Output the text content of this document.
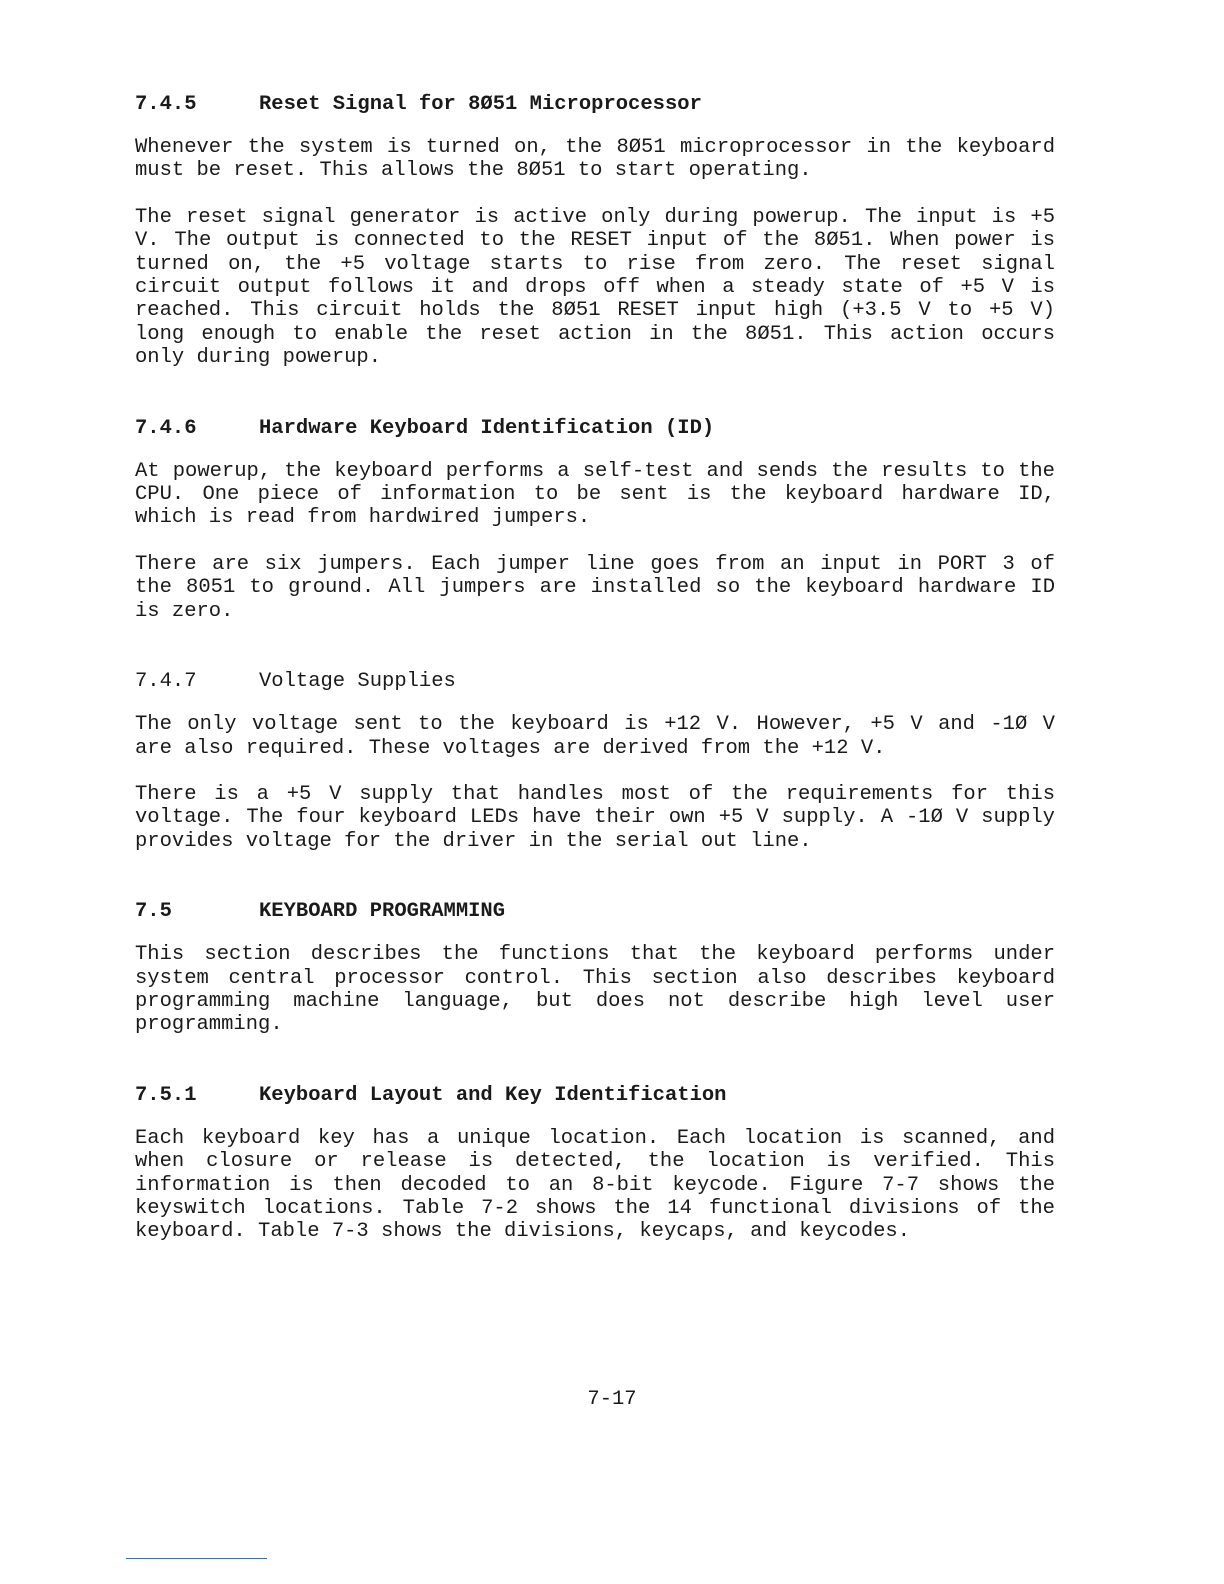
7.4.5	Reset Signal for 8Ø51 Microprocessor

Whenever the system is turned on, the 8Ø51 microprocessor in the keyboard must be reset. This allows the 8Ø51 to start operating.

The reset signal generator is active only during powerup. The input is +5 V. The output is connected to the RESET input of the 8Ø51. When power is turned on, the +5 voltage starts to rise from zero. The reset signal circuit output follows it and drops off when a steady state of +5 V is reached. This circuit holds the 8Ø51 RESET input high (+3.5 V to +5 V) long enough to enable the reset action in the 8Ø51. This action occurs only during powerup.

7.4.6	Hardware Keyboard Identification (ID)

At powerup, the keyboard performs a self-test and sends the results to the CPU. One piece of information to be sent is the keyboard hardware ID, which is read from hardwired jumpers.

There are six jumpers. Each jumper line goes from an input in PORT 3 of the 8051 to ground. All jumpers are installed so the keyboard hardware ID is zero.

7.4.7	Voltage Supplies

The only voltage sent to the keyboard is +12 V. However, +5 V and -1Ø V are also required. These voltages are derived from the +12 V.

There is a +5 V supply that handles most of the requirements for this voltage. The four keyboard LEDs have their own +5 V supply. A -1Ø V supply provides voltage for the driver in the serial out line.

7.5	KEYBOARD PROGRAMMING

This section describes the functions that the keyboard performs under system central processor control. This section also describes keyboard programming machine language, but does not describe high level user programming.

7.5.1	Keyboard Layout and Key Identification

Each keyboard key has a unique location. Each location is scanned, and when closure or release is detected, the location is verified. This information is then decoded to an 8-bit keycode. Figure 7-7 shows the keyswitch locations. Table 7-2 shows the 14 functional divisions of the keyboard. Table 7-3 shows the divisions, keycaps, and keycodes.

7-17
